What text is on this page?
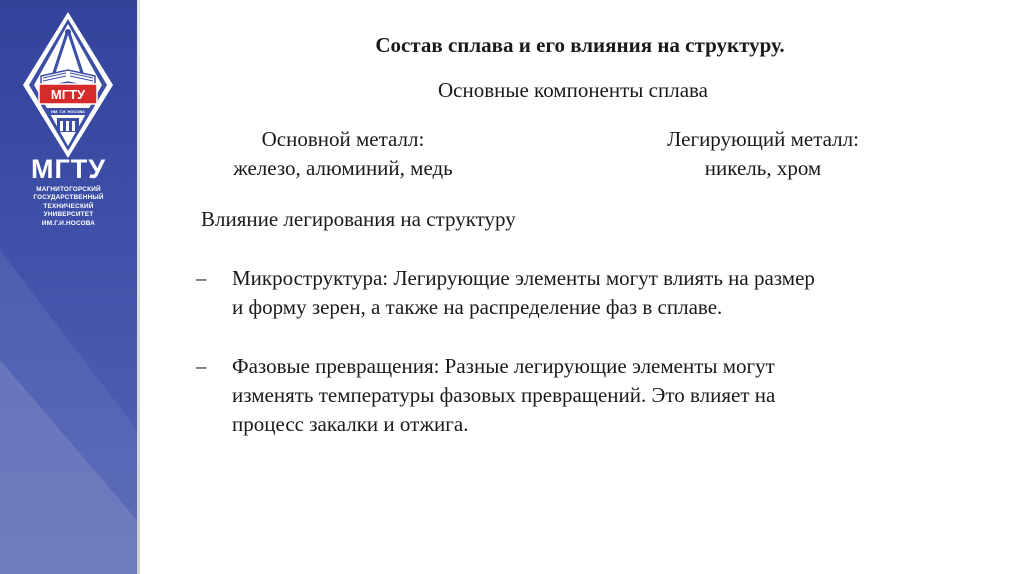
МГТУ
ИМ. Г.И. НОСОВА
МГТУ
МАГНИТОГОРСКИЙ
ГОСУДАРСТВЕННЫЙ
ТЕХНИЧЕСКИЙ
УНИВЕРСИТЕТ
ИМ.Г.И.НОСОВА
Состав сплава и его влияния на структуру.
Основные компоненты сплава
Основной металл:
железо, алюминий, медь
Легирующий металл:
никель, хром
Влияние легирования на структуру
– Микроструктура: Легирующие элементы могут влиять на размер
и форму зерен, а также на распределение фаз в сплаве.
– Фазовые превращения: Разные легирующие элементы могут
изменять температуры фазовых превращений. Это влияет на
процесс закалки и отжига.
